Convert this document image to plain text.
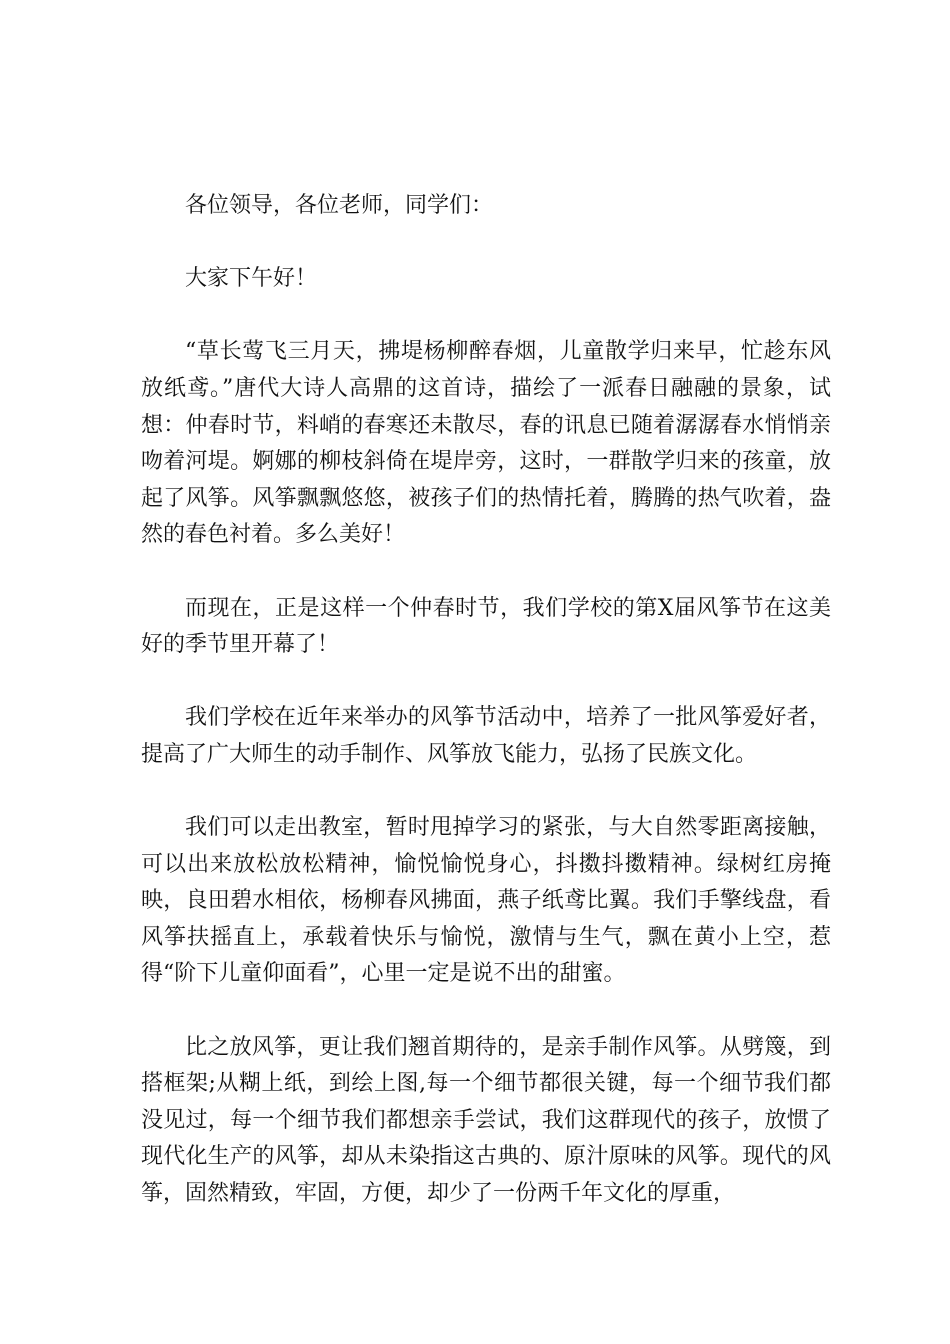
各位领导，各位老师，同学们：

大家下午好！

“草长莺飞三月天，拂堤杨柳醉春烟，儿童散学归来早，忙趁东风放纸鸢。”唐代大诗人高鼎的这首诗，描绘了一派春日融融的景象，试想：仲春时节，料峭的春寒还未散尽，春的讯息已随着潺潺春水悄悄亲吻着河堤。婀娜的柳枝斜倚在堤岸旁，这时，一群散学归来的孩童，放起了风筝。风筝飘飘悠悠，被孩子们的热情托着，腾腾的热气吹着，盎然的春色衬着。多么美好！

而现在，正是这样一个仲春时节，我们学校的第X届风筝节在这美好的季节里开幕了！

我们学校在近年来举办的风筝节活动中，培养了一批风筝爱好者，提高了广大师生的动手制作、风筝放飞能力，弘扬了民族文化。

我们可以走出教室，暂时甩掉学习的紧张，与大自然零距离接触，可以出来放松放松精神，愉悦愉悦身心，抖擞抖擞精神。绿树红房掩映，良田碧水相依，杨柳春风拂面，燕子纸鸢比翼。我们手擎线盘，看风筝扶摇直上，承载着快乐与愉悦，激情与生气，飘在黄小上空，惹得“阶下儿童仰面看”，心里一定是说不出的甜蜜。

比之放风筝，更让我们翘首期待的，是亲手制作风筝。从劈篾，到搭框架;从糊上纸，到绘上图,每一个细节都很关键，每一个细节我们都没见过，每一个细节我们都想亲手尝试，我们这群现代的孩子，放惯了现代化生产的风筝，却从未染指这古典的、原汁原味的风筝。现代的风筝，固然精致，牢固，方便，却少了一份两千年文化的厚重，
